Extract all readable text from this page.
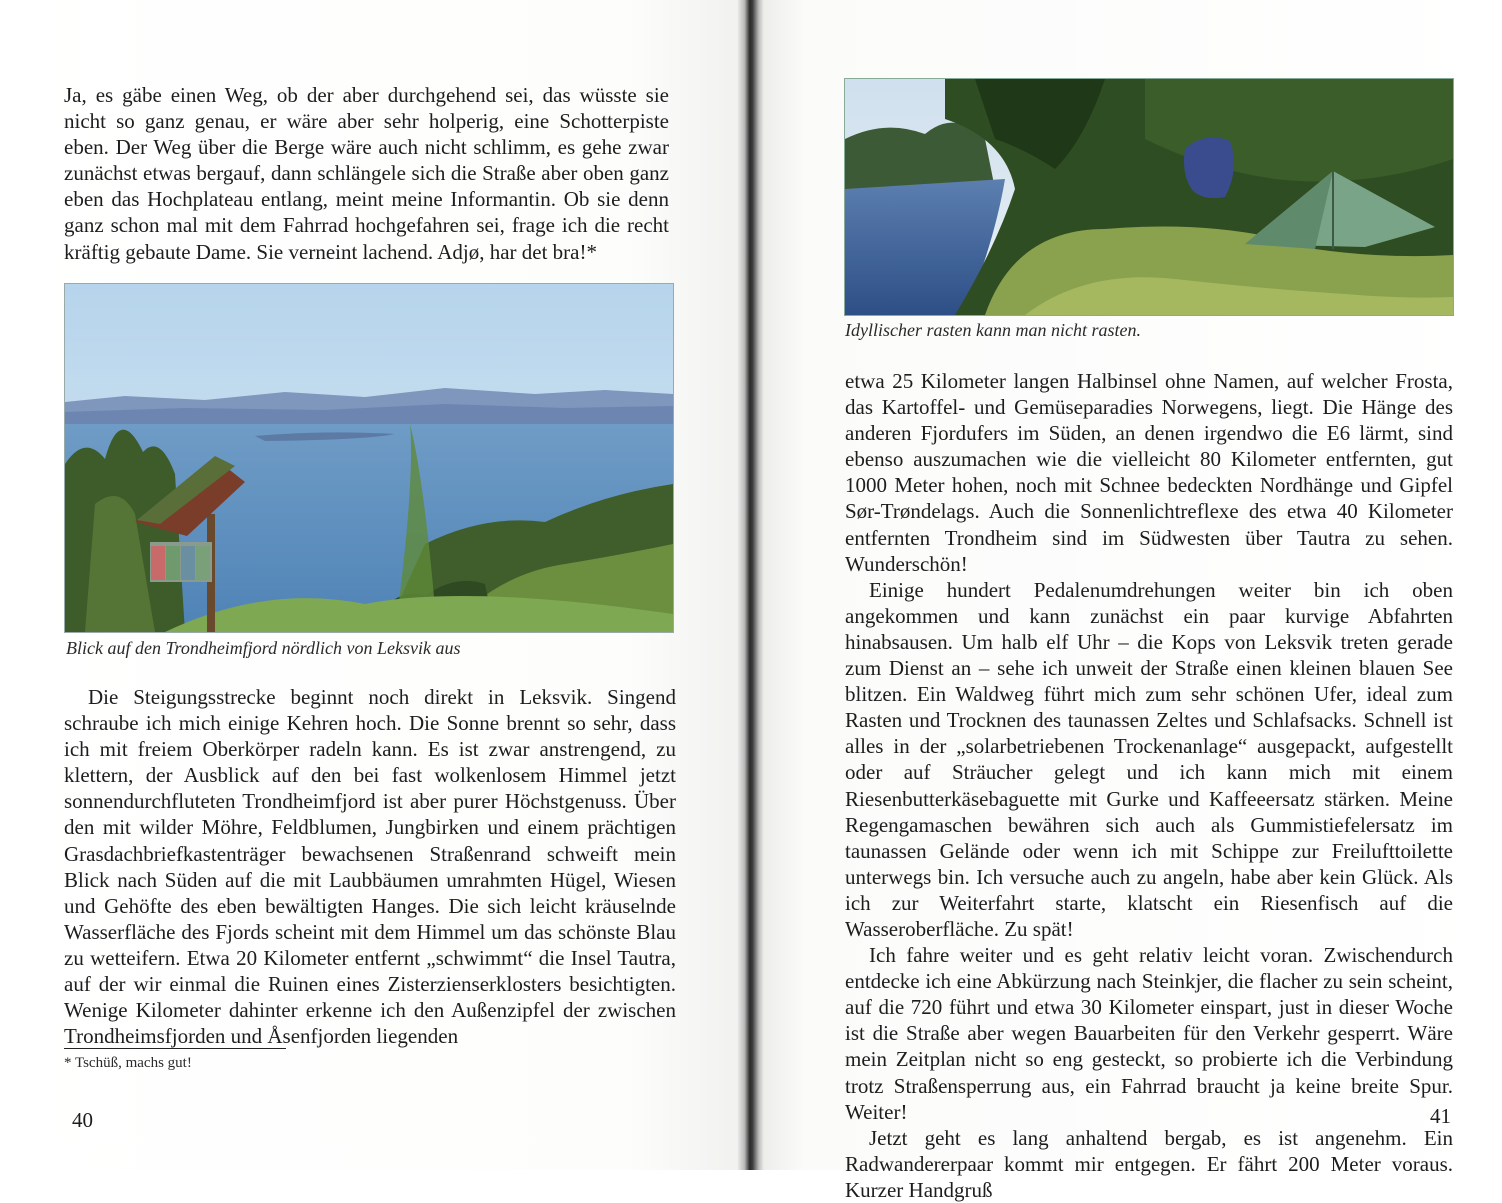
Ja, es gäbe einen Weg, ob der aber durchgehend sei, das wüsste sie nicht so ganz genau, er wäre aber sehr holperig, eine Schotterpiste eben. Der Weg über die Berge wäre auch nicht schlimm, es gehe zwar zunächst etwas bergauf, dann schlängele sich die Straße aber oben ganz eben das Hochplateau entlang, meint meine Informantin. Ob sie denn ganz schon mal mit dem Fahrrad hochgefahren sei, frage ich die recht kräftig gebaute Dame. Sie verneint lachend. Adjø, har det bra!*

Blick auf den Trondheimfjord nördlich von Leksvik aus

Die Steigungsstrecke beginnt noch direkt in Leksvik. Singend schraube ich mich einige Kehren hoch. Die Sonne brennt so sehr, dass ich mit freiem Oberkörper radeln kann. Es ist zwar anstrengend, zu klettern, der Ausblick auf den bei fast wolkenlosem Himmel jetzt sonnendurchfluteten Trondheimfjord ist aber purer Höchstgenuss. Über den mit wilder Möhre, Feldblumen, Jungbirken und einem prächtigen Grasdachbriefkastenträger bewachsenen Straßenrand schweift mein Blick nach Süden auf die mit Laubbäumen umrahmten Hügel, Wiesen und Gehöfte des eben bewältigten Hanges. Die sich leicht kräuselnde Wasserfläche des Fjords scheint mit dem Himmel um das schönste Blau zu wetteifern. Etwa 20 Kilometer entfernt „schwimmt“ die Insel Tautra, auf der wir einmal die Ruinen eines Zisterzienserklosters besichtigten. Wenige Kilometer dahinter erkenne ich den Außenzipfel der zwischen Trondheimsfjorden und Åsenfjorden liegenden

* Tschüß, machs gut!
40
Idyllischer rasten kann man nicht rasten.

etwa 25 Kilometer langen Halbinsel ohne Namen, auf welcher Frosta, das Kartoffel- und Gemüseparadies Norwegens, liegt. Die Hänge des anderen Fjordufers im Süden, an denen irgendwo die E6 lärmt, sind ebenso auszumachen wie die vielleicht 80 Kilometer entfernten, gut 1000 Meter hohen, noch mit Schnee bedeckten Nordhänge und Gipfel Sør-Trøndelags. Auch die Sonnenlichtreflexe des etwa 40 Kilometer entfernten Trondheim sind im Südwesten über Tautra zu sehen. Wunderschön!

Einige hundert Pedalenumdrehungen weiter bin ich oben angekommen und kann zunächst ein paar kurvige Abfahrten hinabsausen. Um halb elf Uhr – die Kops von Leksvik treten gerade zum Dienst an – sehe ich unweit der Straße einen kleinen blauen See blitzen. Ein Waldweg führt mich zum sehr schönen Ufer, ideal zum Rasten und Trocknen des taunassen Zeltes und Schlafsacks. Schnell ist alles in der „solarbetriebenen Trockenanlage“ ausgepackt, aufgestellt oder auf Sträucher gelegt und ich kann mich mit einem Riesenbutterkäsebaguette mit Gurke und Kaffeeersatz stärken. Meine Regengamaschen bewähren sich auch als Gummistiefelersatz im taunassen Gelände oder wenn ich mit Schippe zur Freilufttoilette unterwegs bin. Ich versuche auch zu angeln, habe aber kein Glück. Als ich zur Weiterfahrt starte, klatscht ein Riesenfisch auf die Wasseroberfläche. Zu spät!

Ich fahre weiter und es geht relativ leicht voran. Zwischendurch entdecke ich eine Abkürzung nach Steinkjer, die flacher zu sein scheint, auf die 720 führt und etwa 30 Kilometer einspart, just in dieser Woche ist die Straße aber wegen Bauarbeiten für den Verkehr gesperrt. Wäre mein Zeitplan nicht so eng gesteckt, so probierte ich die Verbindung trotz Straßensperrung aus, ein Fahrrad braucht ja keine breite Spur. Weiter!

Jetzt geht es lang anhaltend bergab, es ist angenehm. Ein Radwandererpaar kommt mir entgegen. Er fährt 200 Meter voraus. Kurzer Handgruß

41
